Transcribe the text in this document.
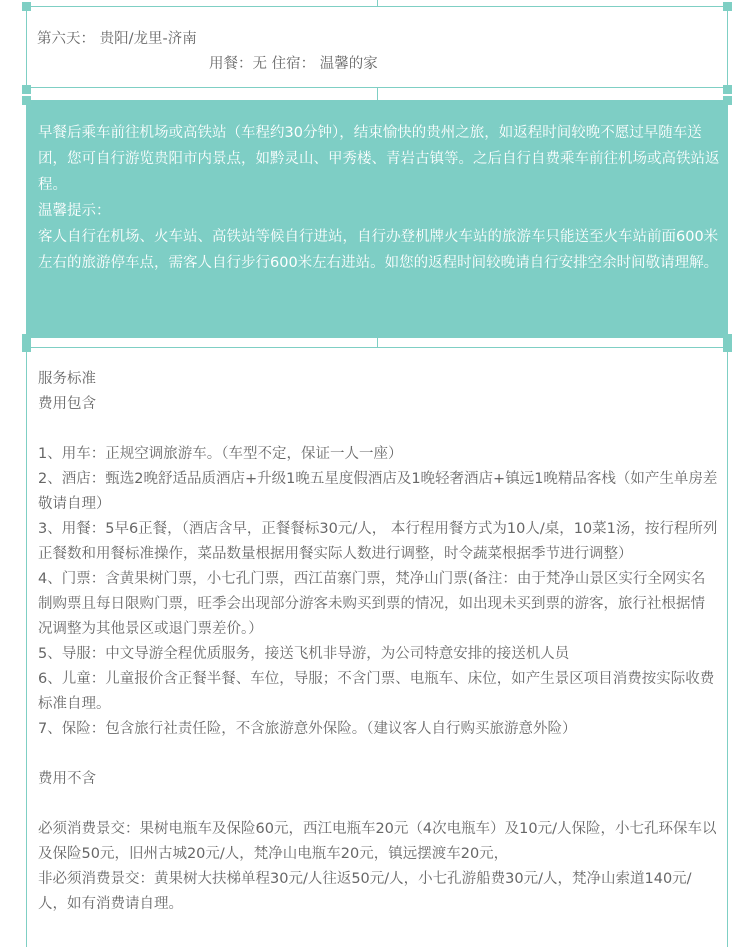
第六天： 贵阳/龙里-济南
用餐：无 住宿： 温馨的家
早餐后乘车前往机场或高铁站（车程约30分钟），结束愉快的贵州之旅，如返程时间较晚不愿过早随车送团，您可自行游览贵阳市内景点，如黔灵山、甲秀楼、青岩古镇等。之后自行自费乘车前往机场或高铁站返程。
温馨提示：
客人自行在机场、火车站、高铁站等候自行进站，自行办登机牌火车站的旅游车只能送至火车站前面600米左右的旅游停车点，需客人自行步行600米左右进站。如您的返程时间较晚请自行安排空余时间敬请理解。

服务标准

费用包含

1、用车：正规空调旅游车。（车型不定，保证一人一座）

2、酒店：甄选2晚舒适品质酒店+升级1晚五星度假酒店及1晚轻奢酒店+镇远1晚精品客栈（如产生单房差敬请自理）

3、用餐：5早6正餐，（酒店含早，正餐餐标30元/人， 本行程用餐方式为10人/桌，10菜1汤，按行程所列正餐数和用餐标准操作，菜品数量根据用餐实际人数进行调整，时令蔬菜根据季节进行调整）

4、门票：含黄果树门票，小七孔门票，西江苗寨门票，梵净山门票(备注：由于梵净山景区实行全网实名制购票且每日限购门票，旺季会出现部分游客未购买到票的情况，如出现未买到票的游客，旅行社根据情况调整为其他景区或退门票差价。）

5、导服：中文导游全程优质服务，接送飞机非导游，为公司特意安排的接送机人员

6、儿童：儿童报价含正餐半餐、车位，导服；不含门票、电瓶车、床位，如产生景区项目消费按实际收费标准自理。

7、保险：包含旅行社责任险，不含旅游意外保险。（建议客人自行购买旅游意外险）

费用不含

必须消费景交：果树电瓶车及保险60元，西江电瓶车20元（4次电瓶车）及10元/人保险，小七孔环保车以及保险50元，旧州古城20元/人，梵净山电瓶车20元，镇远摆渡车20元，

非必须消费景交：黄果树大扶梯单程30元/人往返50元/人，小七孔游船费30元/人，梵净山索道140元/人，如有消费请自理。
